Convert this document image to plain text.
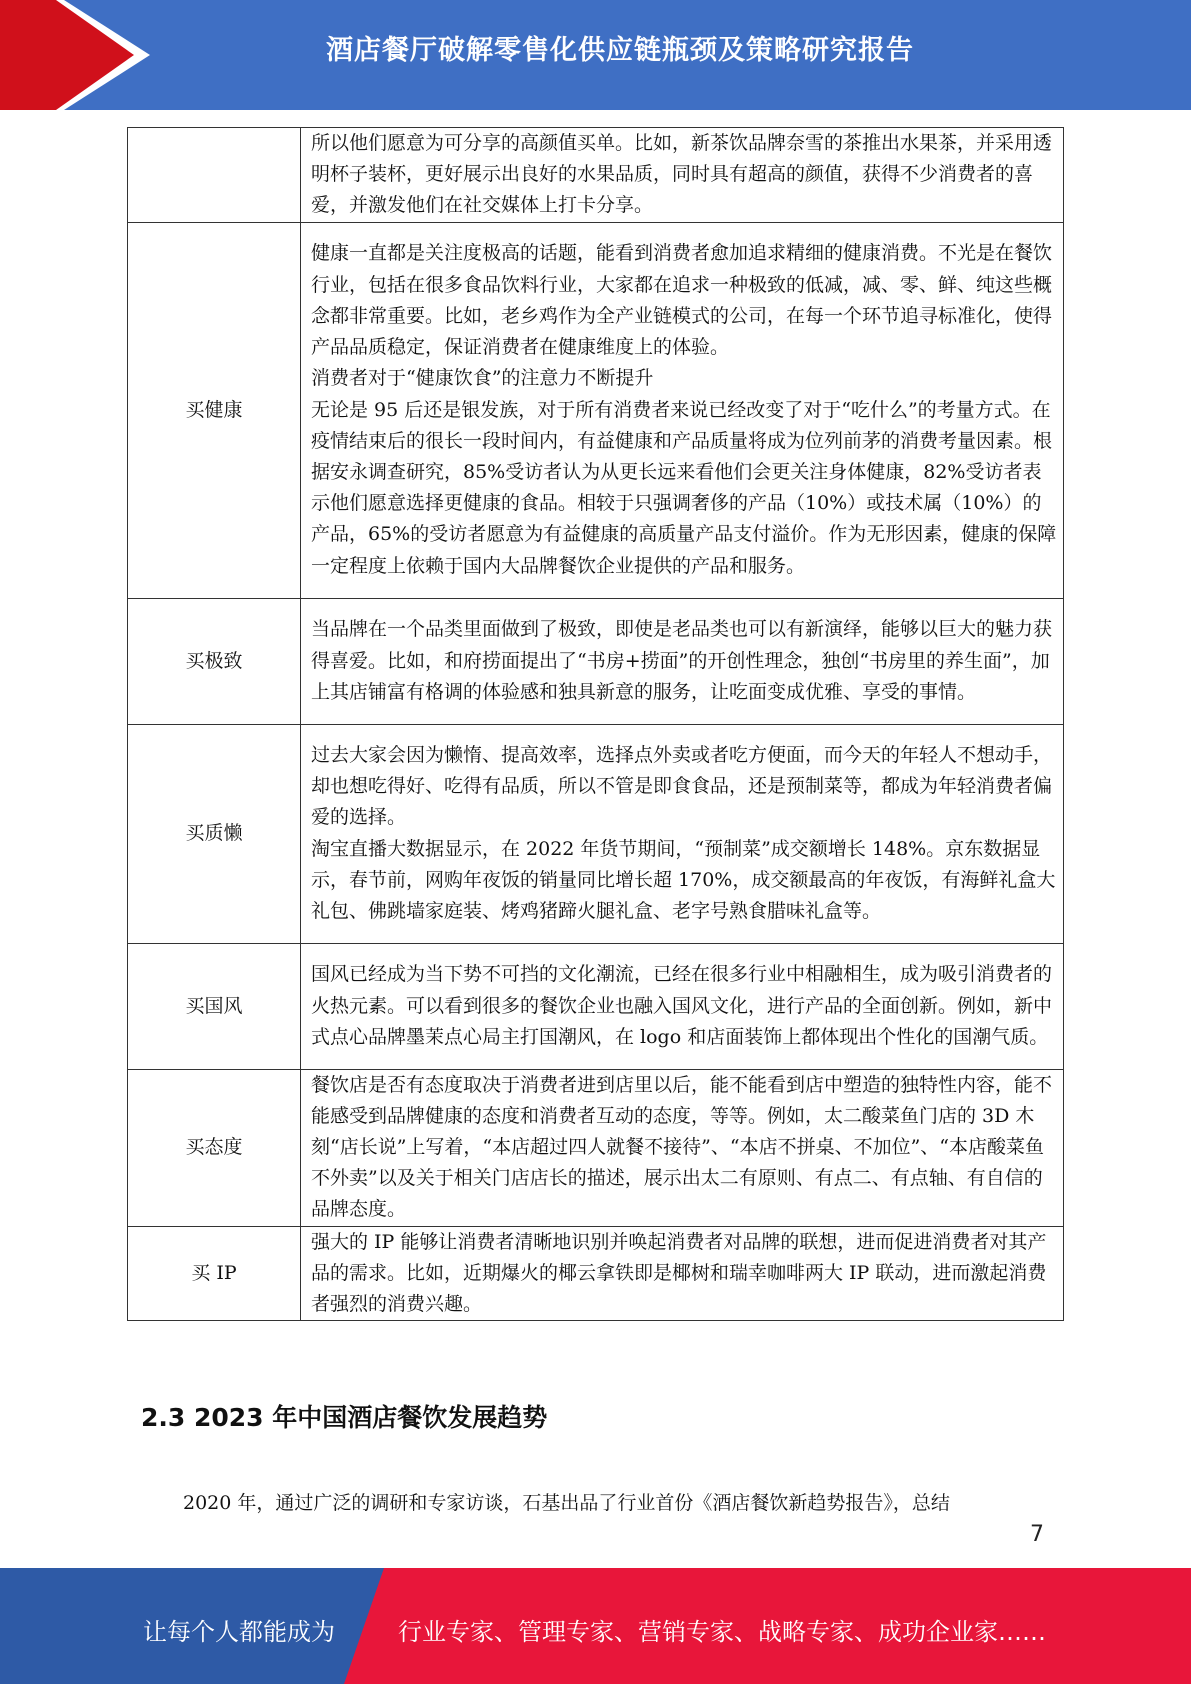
酒店餐厅破解零售化供应链瓶颈及策略研究报告

	所以他们愿意为可分享的高颜值买单。比如，新茶饮品牌奈雪的茶推出水果茶，并采用透明杯子装杯，更好展示出良好的水果品质，同时具有超高的颜值，获得不少消费者的喜爱，并激发他们在社交媒体上打卡分享。

买健康	健康一直都是关注度极高的话题，能看到消费者愈加追求精细的健康消费。不光是在餐饮行业，包括在很多食品饮料行业，大家都在追求一种极致的低减，减、零、鲜、纯这些概念都非常重要。比如，老乡鸡作为全产业链模式的公司，在每一个环节追寻标准化，使得产品品质稳定，保证消费者在健康维度上的体验。

消费者对于“健康饮食”的注意力不断提升

无论是 95 后还是银发族，对于所有消费者来说已经改变了对于“吃什么”的考量方式。在疫情结束后的很长一段时间内，有益健康和产品质量将成为位列前茅的消费考量因素。根据安永调查研究，85%受访者认为从更长远来看他们会更关注身体健康，82%受访者表示他们愿意选择更健康的食品。相较于只强调奢侈的产品（10%）或技术属（10%）的产品，65%的受访者愿意为有益健康的高质量产品支付溢价。作为无形因素，健康的保障一定程度上依赖于国内大品牌餐饮企业提供的产品和服务。

买极致	当品牌在一个品类里面做到了极致，即使是老品类也可以有新演绎，能够以巨大的魅力获得喜爱。比如，和府捞面提出了“书房+捞面”的开创性理念，独创“书房里的养生面”，加上其店铺富有格调的体验感和独具新意的服务，让吃面变成优雅、享受的事情。

买质懒	过去大家会因为懒惰、提高效率，选择点外卖或者吃方便面，而今天的年轻人不想动手，却也想吃得好、吃得有品质，所以不管是即食食品，还是预制菜等，都成为年轻消费者偏爱的选择。

淘宝直播大数据显示，在 2022 年货节期间，“预制菜”成交额增长 148%。京东数据显示，春节前，网购年夜饭的销量同比增长超 170%，成交额最高的年夜饭，有海鲜礼盒大礼包、佛跳墙家庭装、烤鸡猪蹄火腿礼盒、老字号熟食腊味礼盒等。

买国风	国风已经成为当下势不可挡的文化潮流，已经在很多行业中相融相生，成为吸引消费者的火热元素。可以看到很多的餐饮企业也融入国风文化，进行产品的全面创新。例如，新中式点心品牌墨茉点心局主打国潮风，在 logo 和店面装饰上都体现出个性化的国潮气质。

买态度	餐饮店是否有态度取决于消费者进到店里以后，能不能看到店中塑造的独特性内容，能不能感受到品牌健康的态度和消费者互动的态度，等等。例如，太二酸菜鱼门店的 3D 木刻“店长说”上写着，“本店超过四人就餐不接待”、“本店不拼桌、不加位”、“本店酸菜鱼不外卖”以及关于相关门店店长的描述，展示出太二有原则、有点二、有点轴、有自信的品牌态度。

买 IP	强大的 IP 能够让消费者清晰地识别并唤起消费者对品牌的联想，进而促进消费者对其产品的需求。比如，近期爆火的椰云拿铁即是椰树和瑞幸咖啡两大 IP 联动，进而激起消费者强烈的消费兴趣。

2.3 2023 年中国酒店餐饮发展趋势
2020 年，通过广泛的调研和专家访谈，石基出品了行业首份《酒店餐饮新趋势报告》，总结
7
让每个人都能成为	行业专家、管理专家、营销专家、战略专家、成功企业家……
